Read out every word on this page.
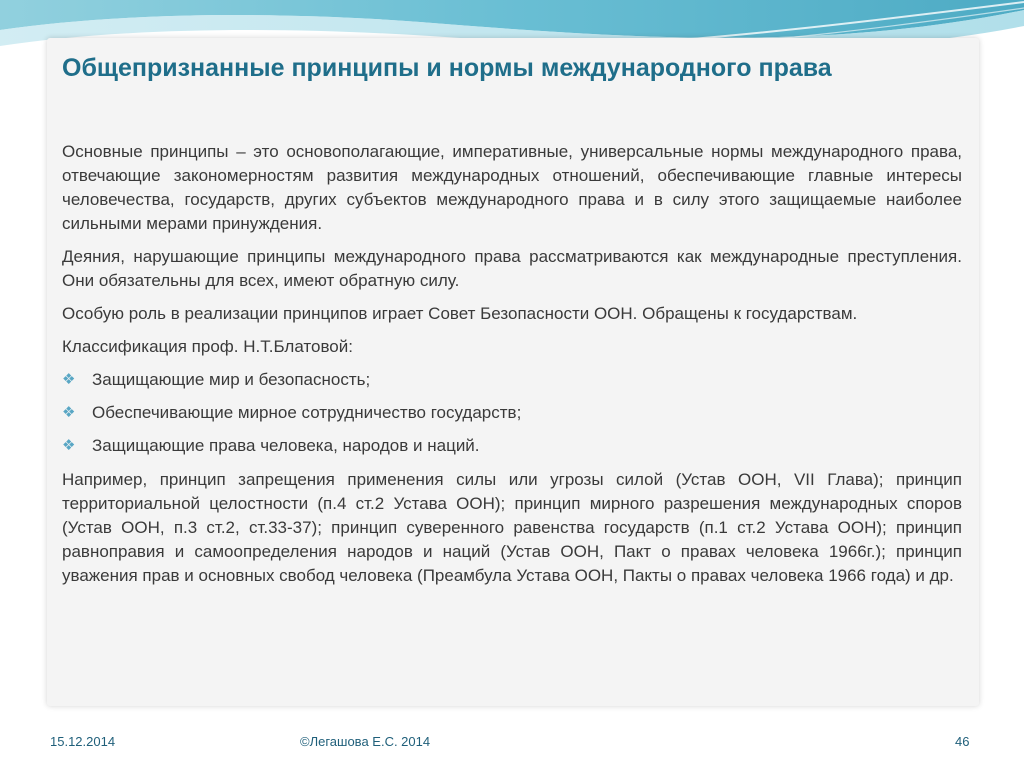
Общепризнанные принципы и нормы международного права

Основные принципы – это основополагающие, императивные, универсальные нормы международного права, отвечающие закономерностям развития международных отношений, обеспечивающие главные интересы человечества, государств, других субъектов международного права и в силу этого защищаемые наиболее сильными мерами принуждения.

Деяния, нарушающие принципы международного права рассматриваются как международные преступления. Они обязательны для всех, имеют обратную силу.

Особую роль в реализации принципов играет Совет Безопасности ООН. Обращены к государствам.

Классификация проф. Н.Т.Блатовой:

❖ Защищающие мир и безопасность;
❖ Обеспечивающие мирное сотрудничество государств;
❖ Защищающие права человека, народов и наций.

Например, принцип запрещения применения силы или угрозы силой (Устав ООН, VII Глава); принцип территориальной целостности (п.4 ст.2 Устава ООН); принцип мирного разрешения международных споров (Устав ООН, п.3 ст.2, ст.33-37); принцип суверенного равенства государств (п.1 ст.2 Устава ООН); принцип равноправия и самоопределения народов и наций (Устав ООН, Пакт о правах человека 1966г.); принцип уважения прав и основных свобод человека (Преамбула Устава ООН, Пакты о правах человека 1966 года) и др.

15.12.2014	©Легашова Е.С. 2014	46
